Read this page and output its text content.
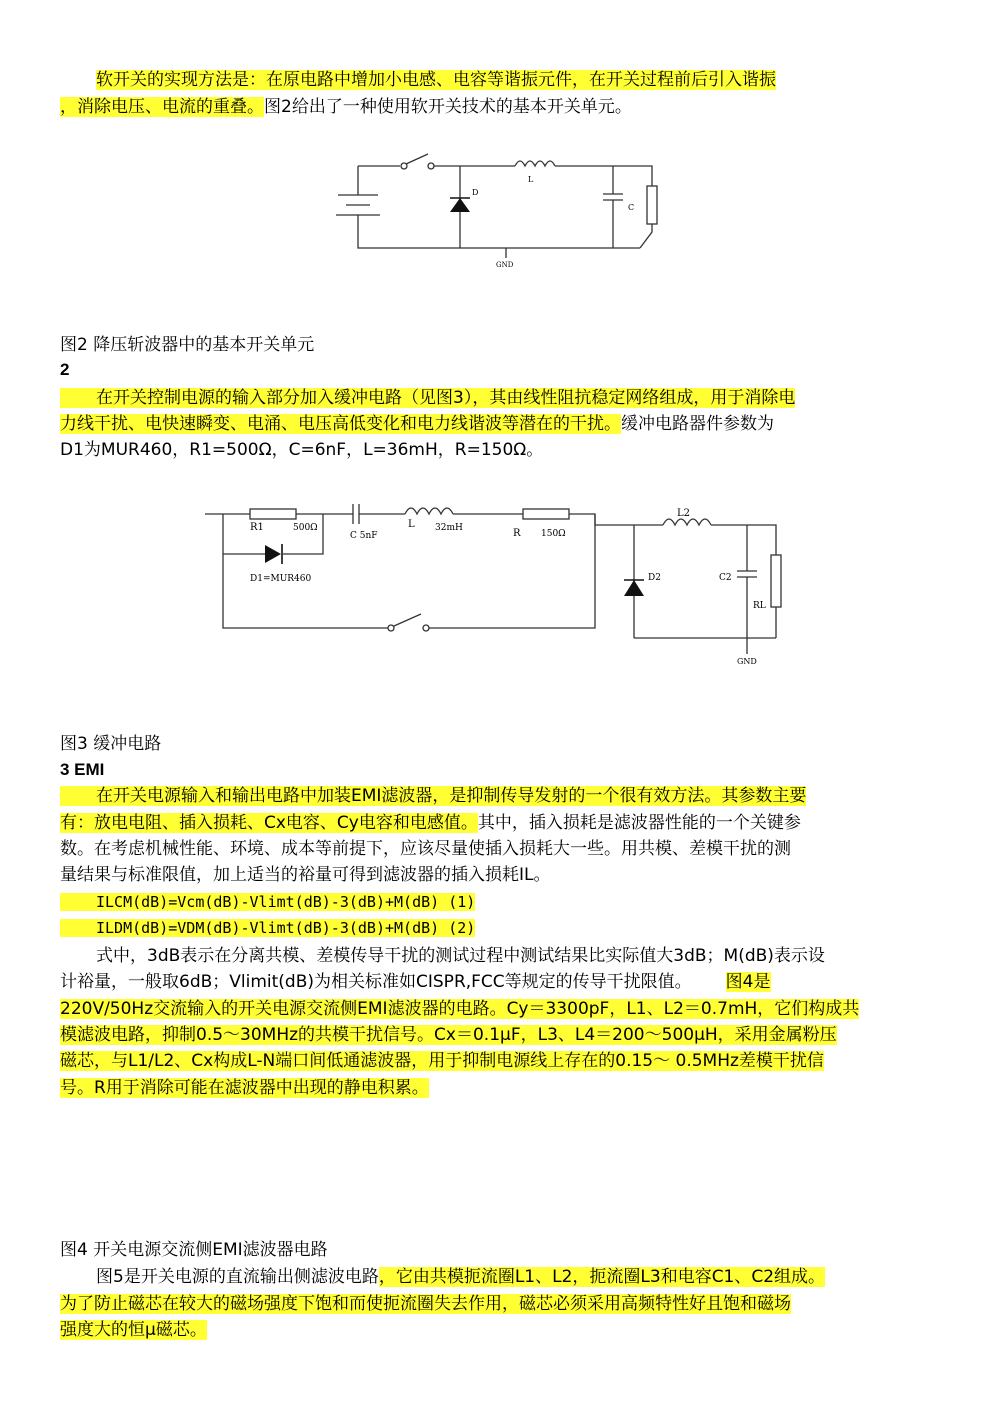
软开关的实现方法是：在原电路中增加小电感、电容等谐振元件，在开关过程前后引入谐振
，消除电压、电流的重叠。图2给出了一种使用软开关技术的基本开关单元。
D
L
C
GND
图2 降压斩波器中的基本开关单元
2
在开关控制电源的输入部分加入缓冲电路（见图3），其由线性阻抗稳定网络组成，用于消除电
力线干扰、电快速瞬变、电涌、电压高低变化和电力线谐波等潜在的干扰。缓冲电路器件参数为
D1为MUR460，R1=500Ω，C=6nF，L=36mH，R=150Ω。
R1	500Ω
C 5nF
L 32mH	R 150Ω
L2
D1=MUR460	D2	C2
RL
GND
图3 缓冲电路
3 EMI
在开关电源输入和输出电路中加装EMI滤波器，是抑制传导发射的一个很有效方法。其参数主要
有：放电电阻、插入损耗、Cx电容、Cy电容和电感值。其中，插入损耗是滤波器性能的一个关键参
数。在考虑机械性能、环境、成本等前提下，应该尽量使插入损耗大一些。用共模、差模干扰的测
量结果与标准限值，加上适当的裕量可得到滤波器的插入损耗IL。
ILCM(dB)=Vcm(dB)-Vlimt(dB)-3(dB)+M(dB) (1)
ILDM(dB)=VDM(dB)-Vlimt(dB)-3(dB)+M(dB) (2)
式中，3dB表示在分离共模、差模传导干扰的测试过程中测试结果比实际值大3dB；M(dB)表示设
计裕量，一般取6dB；Vlimit(dB)为相关标准如CISPR,FCC等规定的传导干扰限值。 图4是
220V/50Hz交流输入的开关电源交流侧EMI滤波器的电路。Cy＝3300pF，L1、L2＝0.7mH，它们构成共
模滤波电路，抑制0.5～30MHz的共模干扰信号。Cx＝0.1μF，L3、L4＝200～500μH，采用金属粉压
磁芯，与L1/L2、Cx构成L-N端口间低通滤波器，用于抑制电源线上存在的0.15～ 0.5MHz差模干扰信
号。R用于消除可能在滤波器中出现的静电积累。
图4 开关电源交流侧EMI滤波器电路
图5是开关电源的直流输出侧滤波电路，它由共模扼流圈L1、L2，扼流圈L3和电容C1、C2组成。
为了防止磁芯在较大的磁场强度下饱和而使扼流圈失去作用，磁芯必须采用高频特性好且饱和磁场
强度大的恒μ磁芯。
